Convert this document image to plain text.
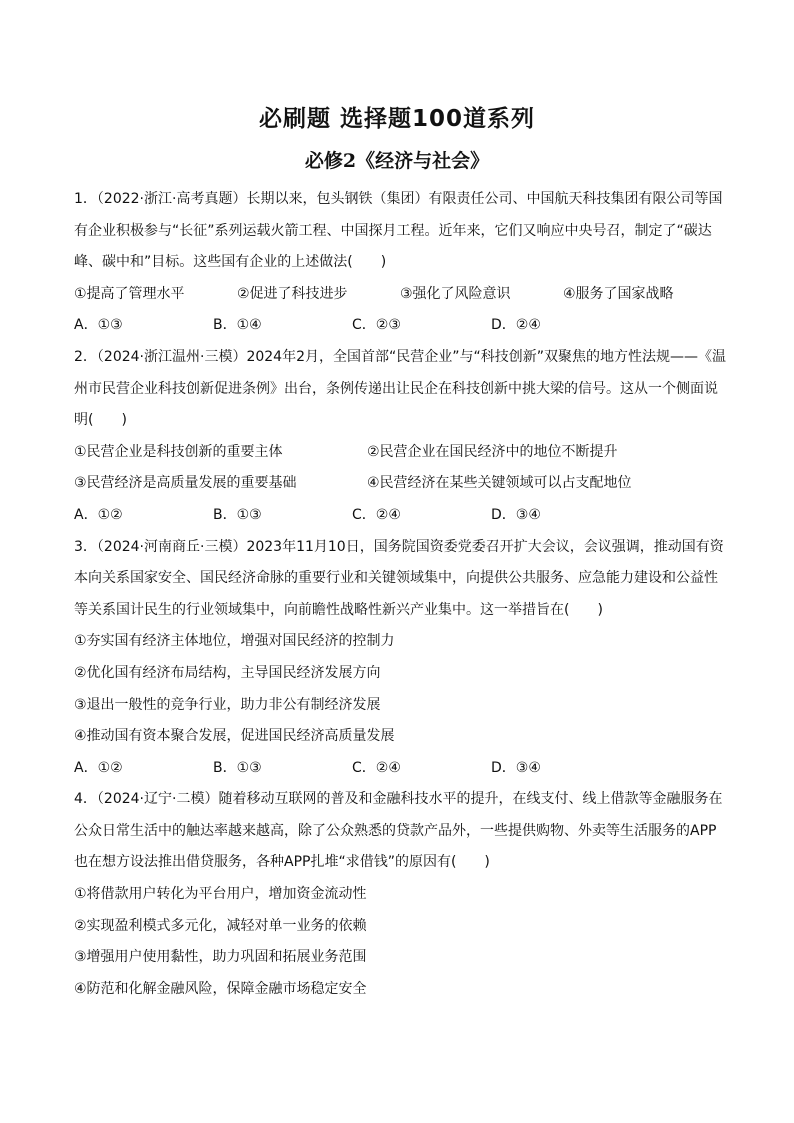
必刷题 选择题100道系列
必修2《经济与社会》
1．（2022·浙江·高考真题）长期以来，包头钢铁（集团）有限责任公司、中国航天科技集团有限公司等国有企业积极参与“长征”系列运载火箭工程、中国探月工程。近年来，它们又响应中央号召，制定了“碳达峰、碳中和”目标。这些国有企业的上述做法(　　)
①提高了管理水平	②促进了科技进步	③强化了风险意识	④服务了国家战略
A．①③	B．①④	C．②③	D．②④
2．（2024·浙江温州·三模）2024年2月，全国首部“民营企业”与“科技创新”双聚焦的地方性法规——《温州市民营企业科技创新促进条例》出台，条例传递出让民企在科技创新中挑大梁的信号。这从一个侧面说明(　　)
①民营企业是科技创新的重要主体	②民营企业在国民经济中的地位不断提升
③民营经济是高质量发展的重要基础	④民营经济在某些关键领域可以占支配地位
A．①②	B．①③	C．②④	D．③④
3．（2024·河南商丘·三模）2023年11月10日，国务院国资委党委召开扩大会议，会议强调，推动国有资本向关系国家安全、国民经济命脉的重要行业和关键领域集中，向提供公共服务、应急能力建设和公益性等关系国计民生的行业领域集中，向前瞻性战略性新兴产业集中。这一举措旨在(　　)
①夯实国有经济主体地位，增强对国民经济的控制力
②优化国有经济布局结构，主导国民经济发展方向
③退出一般性的竞争行业，助力非公有制经济发展
④推动国有资本聚合发展，促进国民经济高质量发展
A．①②	B．①③	C．②④	D．③④
4．（2024·辽宁·二模）随着移动互联网的普及和金融科技水平的提升，在线支付、线上借款等金融服务在公众日常生活中的触达率越来越高，除了公众熟悉的贷款产品外，一些提供购物、外卖等生活服务的APP也在想方设法推出借贷服务，各种APP扎堆“求借钱”的原因有(　　)
①将借款用户转化为平台用户，增加资金流动性
②实现盈利模式多元化，减轻对单一业务的依赖
③增强用户使用黏性，助力巩固和拓展业务范围
④防范和化解金融风险，保障金融市场稳定安全
